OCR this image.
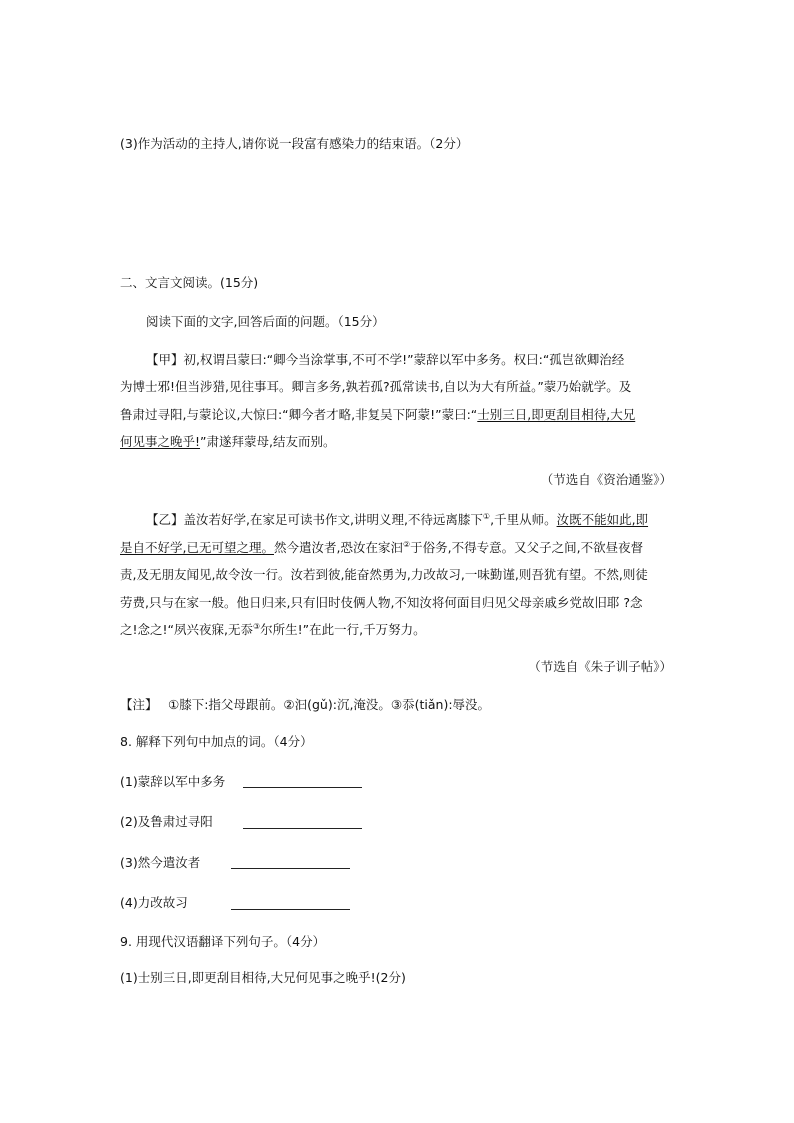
(3)作为活动的主持人,请你说一段富有感染力的结束语。（2分）
二、文言文阅读。(15分)
阅读下面的文字,回答后面的问题。（15分）
【甲】初,权谓吕蒙曰:“卿今当涂掌事,不可不学!”蒙辞以军中多务。权曰:“孤岂欲卿治经
为博士邪!但当涉猎,见往事耳。卿言多务,孰若孤?孤常读书,自以为大有所益。”蒙乃始就学。及
鲁肃过寻阳,与蒙论议,大惊曰:“卿今者才略,非复吴下阿蒙!”蒙曰:“士别三日,即更刮目相待,大兄
何见事之晚乎!”肃遂拜蒙母,结友而别。
（节选自《资治通鉴》）
【乙】盖汝若好学,在家足可读书作文,讲明义理,不待远离膝下①,千里从师。汝既不能如此,即
是自不好学,已无可望之理。然今遣汝者,恐汝在家汩②于俗务,不得专意。又父子之间,不欲昼夜督
责,及无朋友闻见,故令汝一行。汝若到彼,能奋然勇为,力改故习,一味勤谨,则吾犹有望。不然,则徒
劳费,只与在家一般。他日归来,只有旧时伎俩人物,不知汝将何面目归见父母亲戚乡党故旧耶 ?念
之!念之!“夙兴夜寐,无忝③尔所生!”在此一行,千万努力。
（节选自《朱子训子帖》）
【注】 ①膝下:指父母跟前。②汩(gǔ):沉,淹没。③忝(tiǎn):辱没。
8. 解释下列句中加点的词。（4分）
(1)蒙辞以军中多务
(2)及鲁肃过寻阳
(3)然今遣汝者
(4)力改故习
9. 用现代汉语翻译下列句子。（4分）
(1)士别三日,即更刮目相待,大兄何见事之晚乎!(2分)
